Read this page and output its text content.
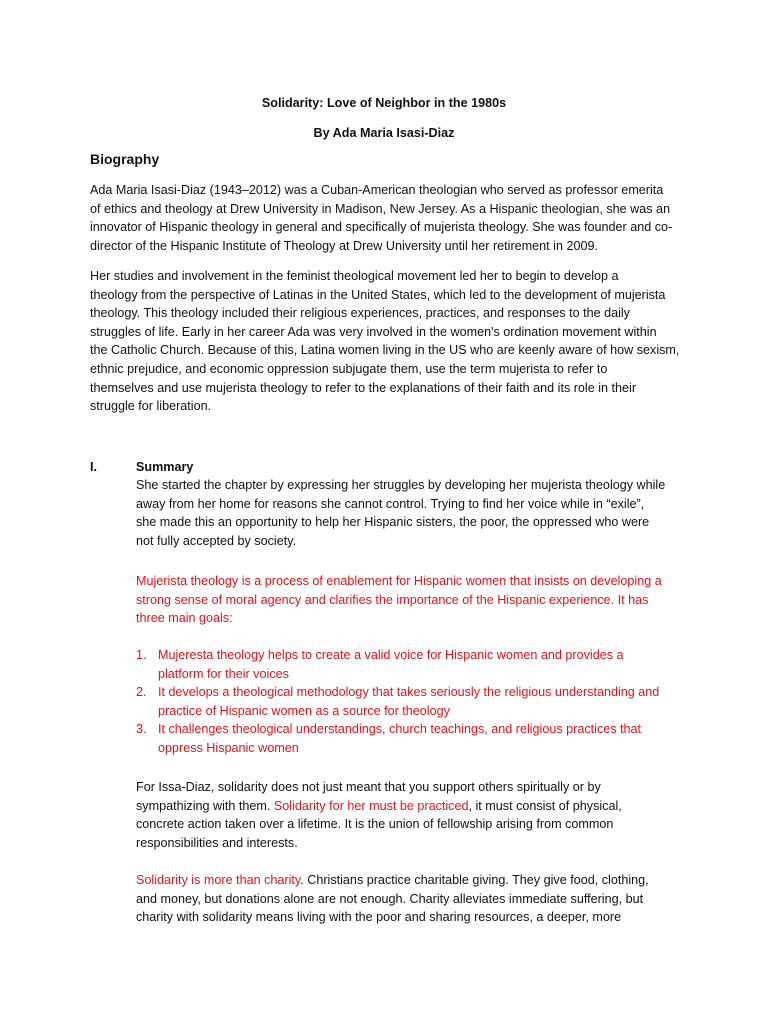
Solidarity: Love of Neighbor in the 1980s
By Ada Maria Isasi-Diaz
Biography
Ada Maria Isasi-Diaz (1943–2012) was a Cuban-American theologian who served as professor emerita
of ethics and theology at Drew University in Madison, New Jersey. As a Hispanic theologian, she was an
innovator of Hispanic theology in general and specifically of mujerista theology. She was founder and co-
director of the Hispanic Institute of Theology at Drew University until her retirement in 2009.
Her studies and involvement in the feminist theological movement led her to begin to develop a
theology from the perspective of Latinas in the United States, which led to the development of mujerista
theology. This theology included their religious experiences, practices, and responses to the daily
struggles of life. Early in her career Ada was very involved in the women's ordination movement within
the Catholic Church. Because of this, Latina women living in the US who are keenly aware of how sexism,
ethnic prejudice, and economic oppression subjugate them, use the term mujerista to refer to
themselves and use mujerista theology to refer to the explanations of their faith and its role in their
struggle for liberation.
I.	Summary
She started the chapter by expressing her struggles by developing her mujerista theology while
away from her home for reasons she cannot control. Trying to find her voice while in “exile”,
she made this an opportunity to help her Hispanic sisters, the poor, the oppressed who were
not fully accepted by society.
Mujerista theology is a process of enablement for Hispanic women that insists on developing a
strong sense of moral agency and clarifies the importance of the Hispanic experience. It has
three main goals:
1. Mujeresta theology helps to create a valid voice for Hispanic women and provides a
platform for their voices
2. It develops a theological methodology that takes seriously the religious understanding and
practice of Hispanic women as a source for theology
3. It challenges theological understandings, church teachings, and religious practices that
oppress Hispanic women
For Issa-Diaz, solidarity does not just meant that you support others spiritually or by
sympathizing with them. Solidarity for her must be practiced, it must consist of physical,
concrete action taken over a lifetime. It is the union of fellowship arising from common
responsibilities and interests.
Solidarity is more than charity. Christians practice charitable giving. They give food, clothing,
and money, but donations alone are not enough. Charity alleviates immediate suffering, but
charity with solidarity means living with the poor and sharing resources, a deeper, more
